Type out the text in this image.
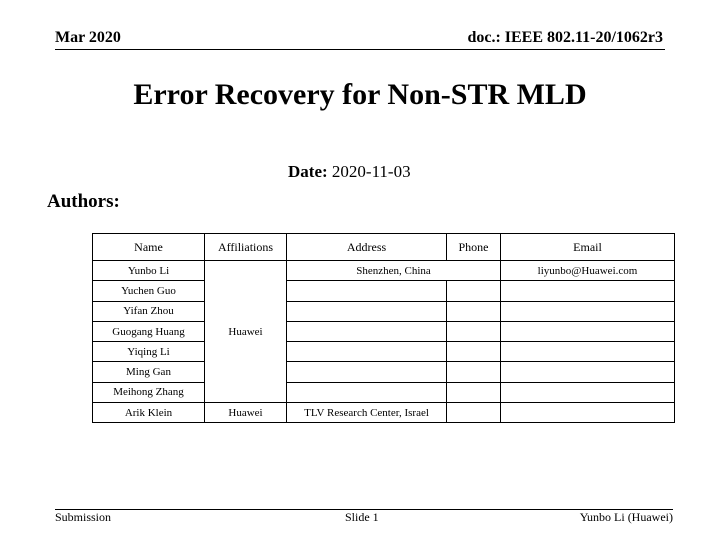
Mar 2020	doc.: IEEE 802.11-20/1062r3
Error Recovery for Non-STR MLD
Date: 2020-11-03
Authors:
Name	Affiliations	Address	Phone	Email
Yunbo Li	Huawei	Shenzhen, China		liyunbo@Huawei.com
Yuchen Guo				
Yifan Zhou				
Guogang Huang				
Yiqing Li				
Ming Gan				
Meihong Zhang				
Arik Klein	Huawei	TLV Research Center, Israel		
Submission	Slide 1	Yunbo Li (Huawei)
